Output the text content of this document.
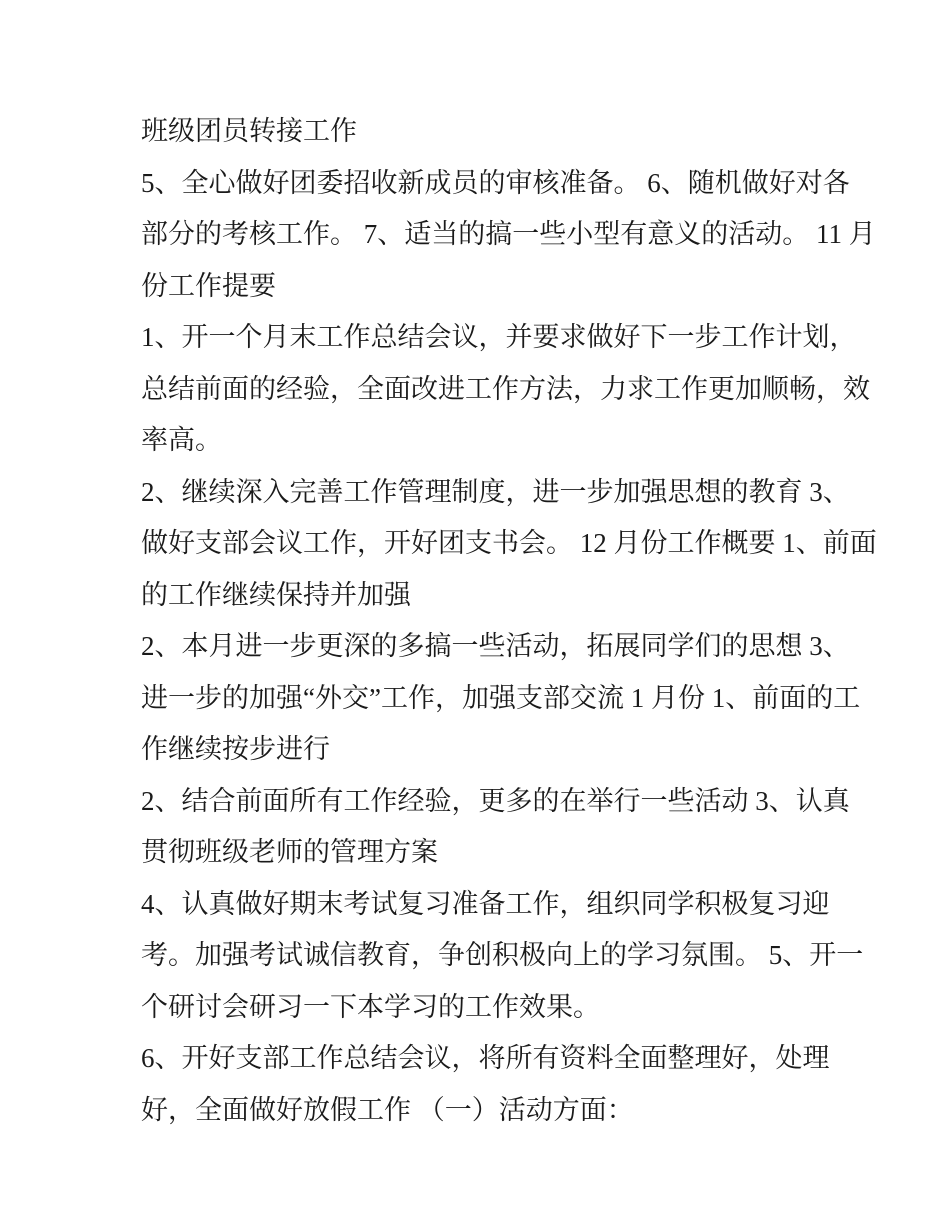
班级团员转接工作
5、全心做好团委招收新成员的审核准备。 6、随机做好对各
部分的考核工作。 7、适当的搞一些小型有意义的活动。 11 月
份工作提要
1、开一个月末工作总结会议，并要求做好下一步工作计划，
总结前面的经验，全面改进工作方法，力求工作更加顺畅，效
率高。
2、继续深入完善工作管理制度，进一步加强思想的教育 3、
做好支部会议工作，开好团支书会。 12 月份工作概要 1、前面
的工作继续保持并加强
2、本月进一步更深的多搞一些活动，拓展同学们的思想 3、
进一步的加强“外交”工作，加强支部交流 1 月份 1、前面的工
作继续按步进行
2、结合前面所有工作经验，更多的在举行一些活动 3、认真
贯彻班级老师的管理方案
4、认真做好期末考试复习准备工作，组织同学积极复习迎
考。加强考试诚信教育，争创积极向上的学习氛围。 5、开一
个研讨会研习一下本学习的工作效果。
6、开好支部工作总结会议，将所有资料全面整理好，处理
好，全面做好放假工作 （一）活动方面：
